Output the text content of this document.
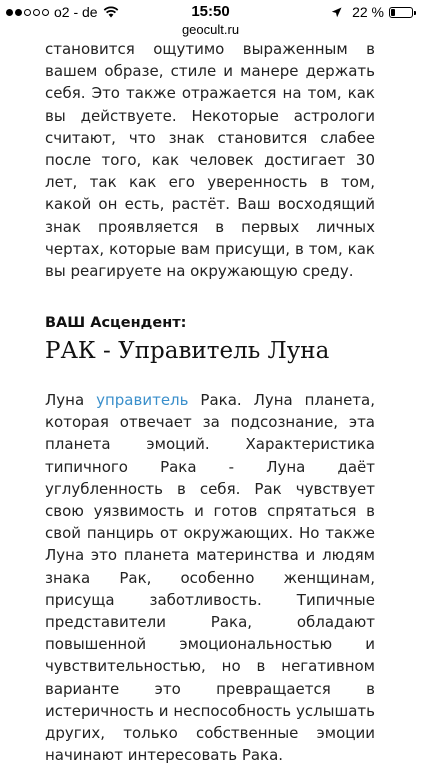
o2 - de	15:50	22 %
geocult.ru

становится ощутимо выраженным в вашем образе, стиле и манере держать себя. Это также отражается на том, как вы действуете. Некоторые астрологи считают, что знак становится слабее после того, как человек достигает 30 лет, так как его уверенность в том, какой он есть, растёт. Ваш восходящий знак проявляется в первых личных чертах, которые вам присущи, в том, как вы реагируете на окружающую среду.

ВАШ Асцендент:
РАК - Управитель Луна

Луна управитель Рака. Луна планета, которая отвечает за подсознание, эта планета эмоций. Характеристика типичного Рака - Луна даёт углубленность в себя. Рак чувствует свою уязвимость и готов спрятаться в свой панцирь от окружающих. Но также Луна это планета материнства и людям знака Рак, особенно женщинам, присуща заботливость. Типичные представители Рака, обладают повышенной эмоциональностью и чувствительностью, но в негативном варианте это превращается в истеричность и неспособность услышать других, только собственные эмоции начинают интересовать Рака.
